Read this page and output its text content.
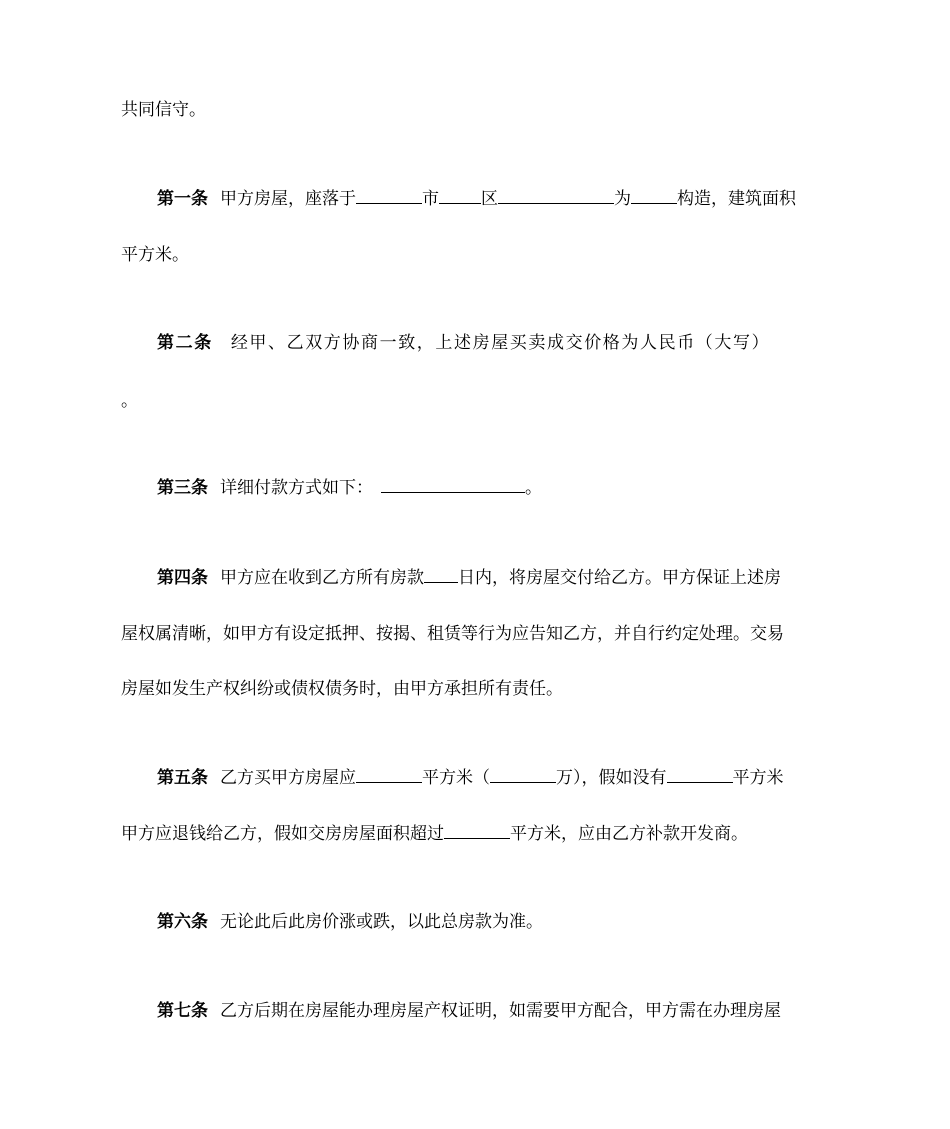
共同信守。
第一条 甲方房屋，座落于	市 区	为	构造，建筑面积
平方米。
第二条 经甲、乙双方协商一致，上述房屋买卖成交价格为人民币（大写）
。
第三条 详细付款方式如下：	。
第四条 甲方应在收到乙方所有房款 日内，将房屋交付给乙方。甲方保证上述房
屋权属清晰，如甲方有设定抵押、按揭、租赁等行为应告知乙方，并自行约定处理。交易
房屋如发生产权纠纷或债权债务时，由甲方承担所有责任。
第五条 乙方买甲方房屋应	平方米（	万），假如没有	平方米
甲方应退钱给乙方，假如交房房屋面积超过	平方米，应由乙方补款开发商。
第六条 无论此后此房价涨或跌，以此总房款为准。
第七条 乙方后期在房屋能办理房屋产权证明，如需要甲方配合，甲方需在办理房屋
